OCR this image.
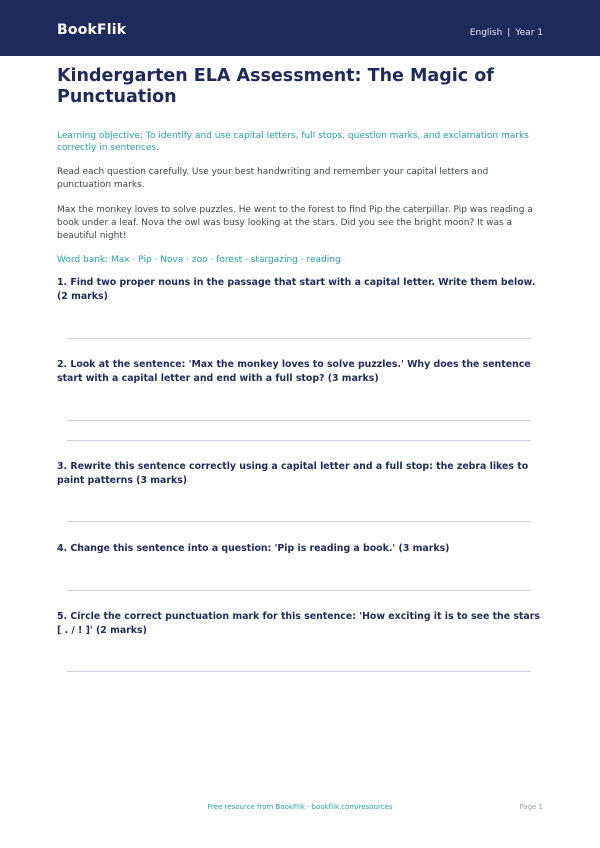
BookFlik	English | Year 1
Kindergarten ELA Assessment: The Magic of Punctuation
Learning objective: To identify and use capital letters, full stops, question marks, and exclamation marks correctly in sentences.
Read each question carefully. Use your best handwriting and remember your capital letters and punctuation marks.
Max the monkey loves to solve puzzles. He went to the forest to find Pip the caterpillar. Pip was reading a book under a leaf. Nova the owl was busy looking at the stars. Did you see the bright moon? It was a beautiful night!
Word bank: Max · Pip · Nova · zoo · forest · stargazing · reading
1. Find two proper nouns in the passage that start with a capital letter. Write them below. (2 marks)
2. Look at the sentence: 'Max the monkey loves to solve puzzles.' Why does the sentence start with a capital letter and end with a full stop? (3 marks)
3. Rewrite this sentence correctly using a capital letter and a full stop: the zebra likes to paint patterns (3 marks)
4. Change this sentence into a question: 'Pip is reading a book.' (3 marks)
5. Circle the correct punctuation mark for this sentence: 'How exciting it is to see the stars [ . / ! ]' (2 marks)
Free resource from BookFlik · bookflik.com/resources	Page 1
